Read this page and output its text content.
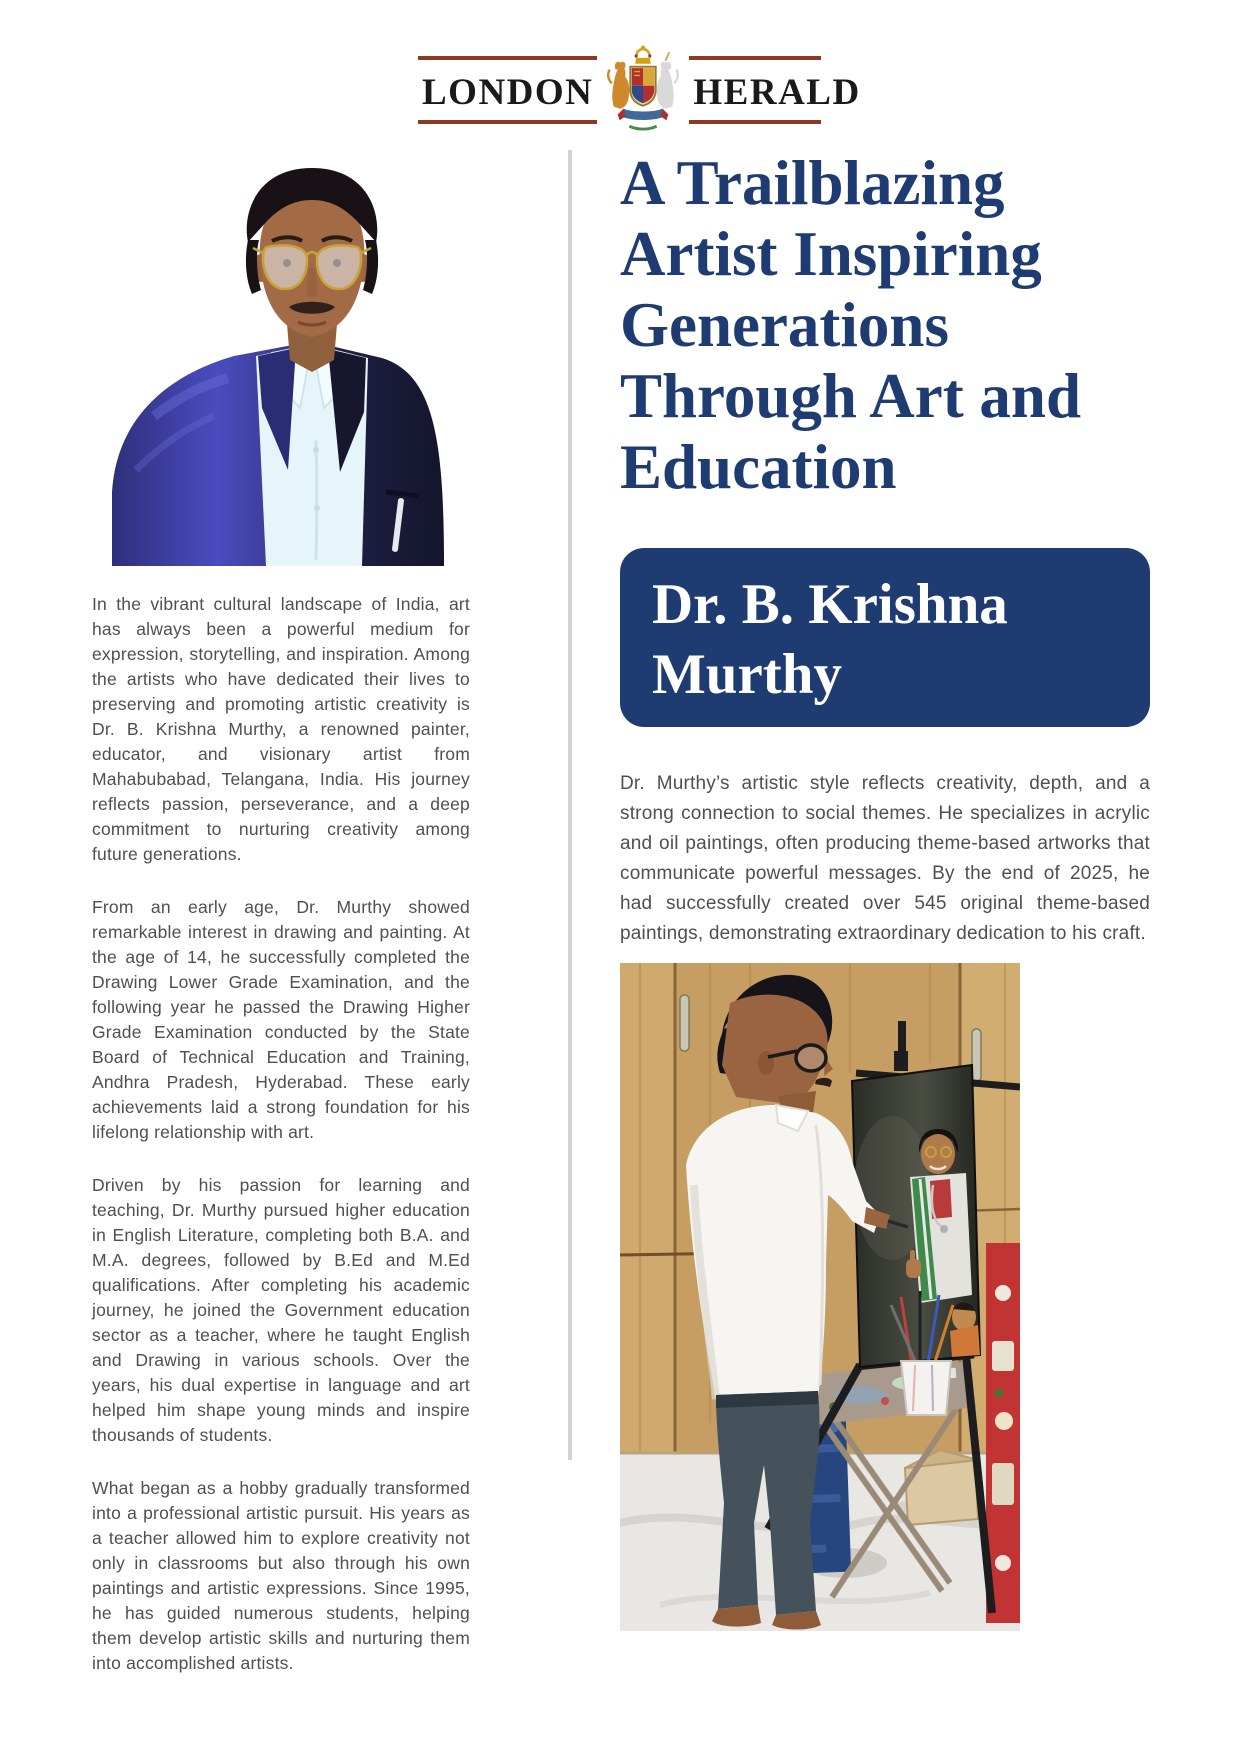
LONDON	HERALD

In the vibrant cultural landscape of India, art has always been a powerful medium for expression, storytelling, and inspiration. Among the artists who have dedicated their lives to preserving and promoting artistic creativity is Dr. B. Krishna Murthy, a renowned painter, educator, and visionary artist from Mahabubabad, Telangana, India. His journey reflects passion, perseverance, and a deep commitment to nurturing creativity among future generations.

From an early age, Dr. Murthy showed remarkable interest in drawing and painting. At the age of 14, he successfully completed the Drawing Lower Grade Examination, and the following year he passed the Drawing Higher Grade Examination conducted by the State Board of Technical Education and Training, Andhra Pradesh, Hyderabad. These early achievements laid a strong foundation for his lifelong relationship with art.

Driven by his passion for learning and teaching, Dr. Murthy pursued higher education in English Literature, completing both B.A. and M.A. degrees, followed by B.Ed and M.Ed qualifications. After completing his academic journey, he joined the Government education sector as a teacher, where he taught English and Drawing in various schools. Over the years, his dual expertise in language and art helped him shape young minds and inspire thousands of students.

What began as a hobby gradually transformed into a professional artistic pursuit. His years as a teacher allowed him to explore creativity not only in classrooms but also through his own paintings and artistic expressions. Since 1995, he has guided numerous students, helping them develop artistic skills and nurturing them into accomplished artists.

A Trailblazing
Artist Inspiring
Generations
Through Art and
Education
Dr. B. Krishna
Murthy

Dr. Murthy’s artistic style reflects creativity, depth, and a strong connection to social themes. He specializes in acrylic and oil paintings, often producing theme-based artworks that communicate powerful messages. By the end of 2025, he had successfully created over 545 original theme-based paintings, demonstrating extraordinary dedication to his craft.
